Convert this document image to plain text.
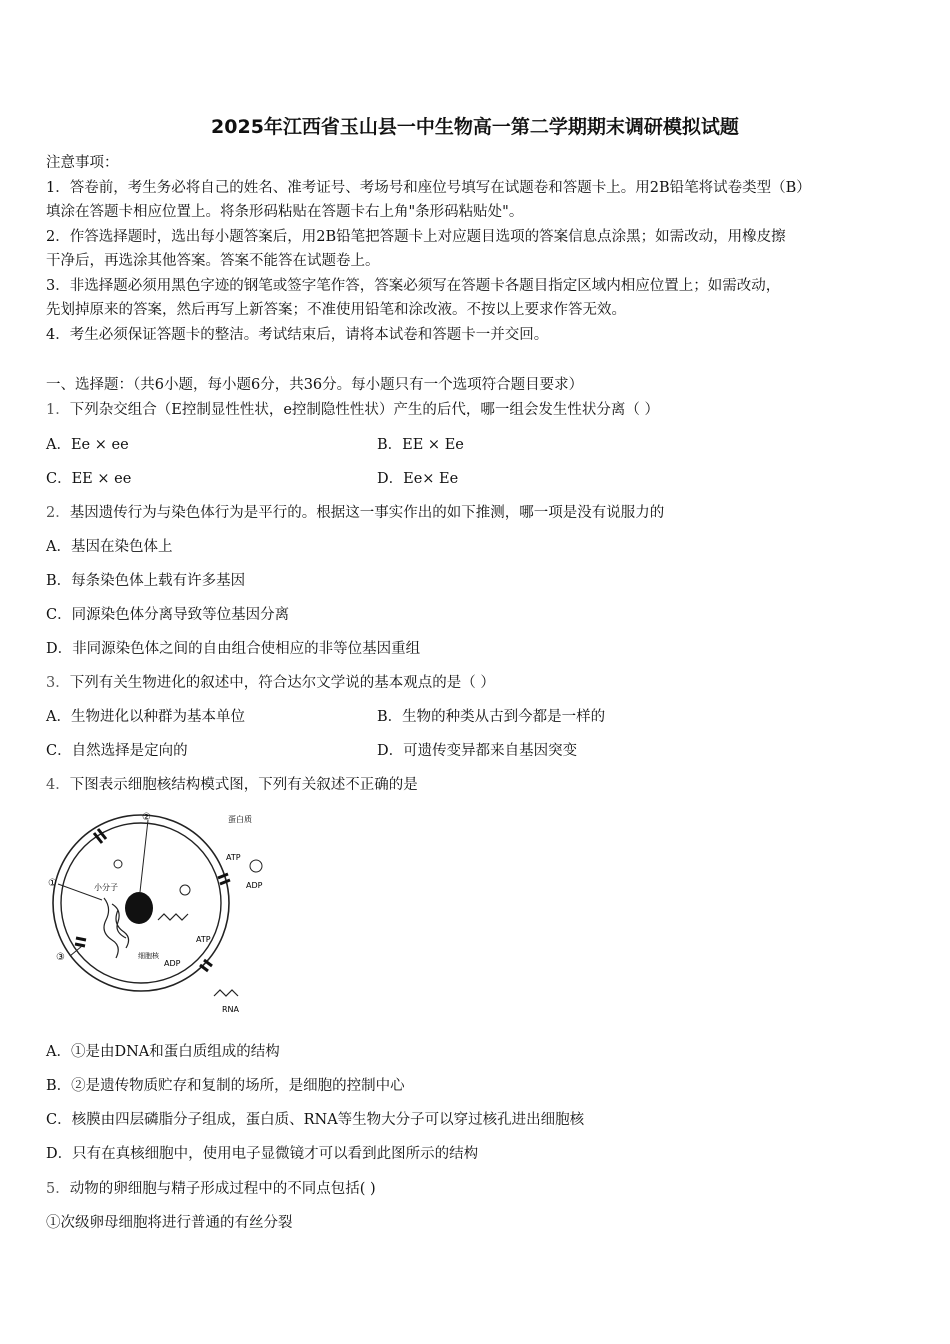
2025年江西省玉山县一中生物高一第二学期期末调研模拟试题
注意事项：
1．答卷前，考生务必将自己的姓名、准考证号、考场号和座位号填写在试题卷和答题卡上。用2B铅笔将试卷类型（B）
填涂在答题卡相应位置上。将条形码粘贴在答题卡右上角"条形码粘贴处"。
2．作答选择题时，选出每小题答案后，用2B铅笔把答题卡上对应题目选项的答案信息点涂黑；如需改动，用橡皮擦
干净后，再选涂其他答案。答案不能答在试题卷上。
3．非选择题必须用黑色字迹的钢笔或签字笔作答，答案必须写在答题卡各题目指定区域内相应位置上；如需改动，
先划掉原来的答案，然后再写上新答案；不准使用铅笔和涂改液。不按以上要求作答无效。
4．考生必须保证答题卡的整洁。考试结束后，请将本试卷和答题卡一并交回。
一、选择题：（共6小题，每小题6分，共36分。每小题只有一个选项符合题目要求）
1．下列杂交组合（E控制显性性状，e控制隐性性状）产生的后代，哪一组会发生性状分离（ ）
A．Ee × ee	B．EE × Ee
C．EE × ee	D．Ee× Ee
2．基因遗传行为与染色体行为是平行的。根据这一事实作出的如下推测，哪一项是没有说服力的
A．基因在染色体上
B．每条染色体上载有许多基因
C．同源染色体分离导致等位基因分离
D．非同源染色体之间的自由组合使相应的非等位基因重组
3．下列有关生物进化的叙述中，符合达尔文学说的基本观点的是（ ）
A．生物进化以种群为基本单位	B．生物的种类从古到今都是一样的
C．自然选择是定向的	D．可遗传变异都来自基因突变
4．下图表示细胞核结构模式图，下列有关叙述不正确的是
①
②
③
蛋白质
ATP
ADP
小分子
细胞核
ATP
ADP
RNA
A．①是由DNA和蛋白质组成的结构
B．②是遗传物质贮存和复制的场所，是细胞的控制中心
C．核膜由四层磷脂分子组成，蛋白质、RNA等生物大分子可以穿过核孔进出细胞核
D．只有在真核细胞中，使用电子显微镜才可以看到此图所示的结构
5．动物的卵细胞与精子形成过程中的不同点包括( )
①次级卵母细胞将进行普通的有丝分裂
